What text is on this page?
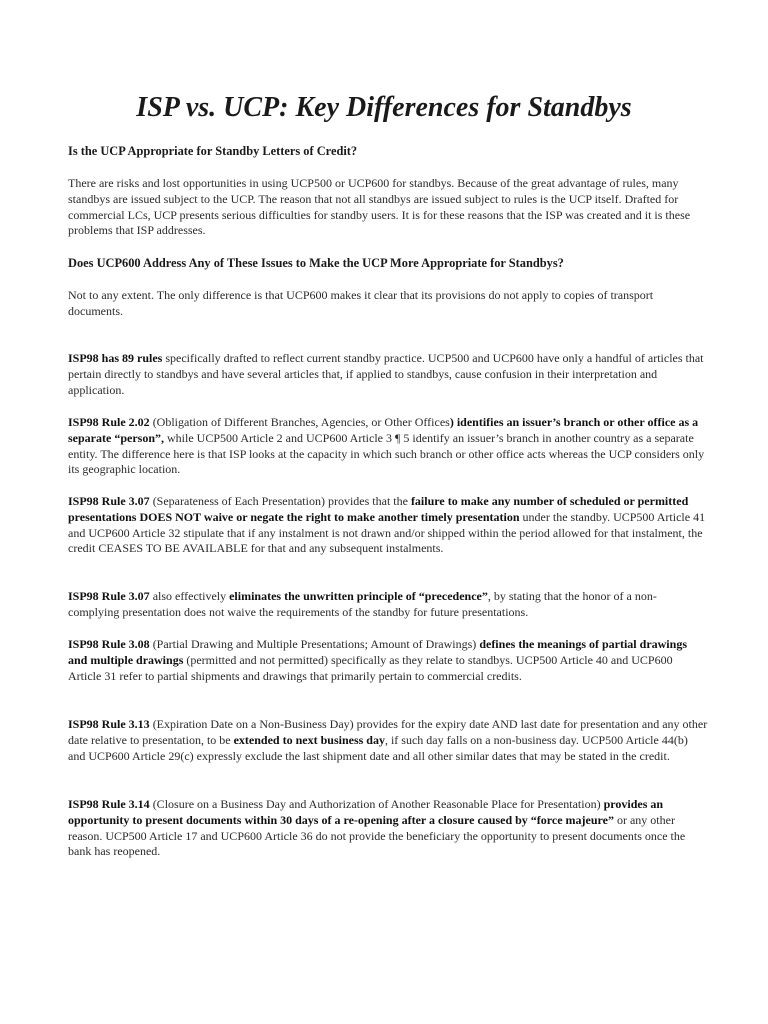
ISP vs. UCP: Key Differences for Standbys
Is the UCP Appropriate for Standby Letters of Credit?

There are risks and lost opportunities in using UCP500 or UCP600 for standbys. Because of the great advantage of rules, many standbys are issued subject to the UCP. The reason that not all standbys are issued subject to rules is the UCP itself. Drafted for commercial LCs, UCP presents serious difficulties for standby users. It is for these reasons that the ISP was created and it is these problems that ISP addresses.

Does UCP600 Address Any of These Issues to Make the UCP More Appropriate for Standbys?

Not to any extent. The only difference is that UCP600 makes it clear that its provisions do not apply to copies of transport documents.

ISP98 has 89 rules specifically drafted to reflect current standby practice. UCP500 and UCP600 have only a handful of articles that pertain directly to standbys and have several articles that, if applied to standbys, cause confusion in their interpretation and application.

ISP98 Rule 2.02 (Obligation of Different Branches, Agencies, or Other Offices) identifies an issuer’s branch or other office as a separate “person”, while UCP500 Article 2 and UCP600 Article 3 ¶ 5 identify an issuer’s branch in another country as a separate entity. The difference here is that ISP looks at the capacity in which such branch or other office acts whereas the UCP considers only its geographic location.

ISP98 Rule 3.07 (Separateness of Each Presentation) provides that the failure to make any number of scheduled or permitted presentations DOES NOT waive or negate the right to make another timely presentation under the standby. UCP500 Article 41 and UCP600 Article 32 stipulate that if any instalment is not drawn and/or shipped within the period allowed for that instalment, the credit CEASES TO BE AVAILABLE for that and any subsequent instalments.

ISP98 Rule 3.07 also effectively eliminates the unwritten principle of “precedence”, by stating that the honor of a non-complying presentation does not waive the requirements of the standby for future presentations.

ISP98 Rule 3.08 (Partial Drawing and Multiple Presentations; Amount of Drawings) defines the meanings of partial drawings and multiple drawings (permitted and not permitted) specifically as they relate to standbys. UCP500 Article 40 and UCP600 Article 31 refer to partial shipments and drawings that primarily pertain to commercial credits.

ISP98 Rule 3.13 (Expiration Date on a Non-Business Day) provides for the expiry date AND last date for presentation and any other date relative to presentation, to be extended to next business day, if such day falls on a non-business day. UCP500 Article 44(b) and UCP600 Article 29(c) expressly exclude the last shipment date and all other similar dates that may be stated in the credit.

ISP98 Rule 3.14 (Closure on a Business Day and Authorization of Another Reasonable Place for Presentation) provides an opportunity to present documents within 30 days of a re-opening after a closure caused by “force majeure” or any other reason. UCP500 Article 17 and UCP600 Article 36 do not provide the beneficiary the opportunity to present documents once the bank has reopened.
